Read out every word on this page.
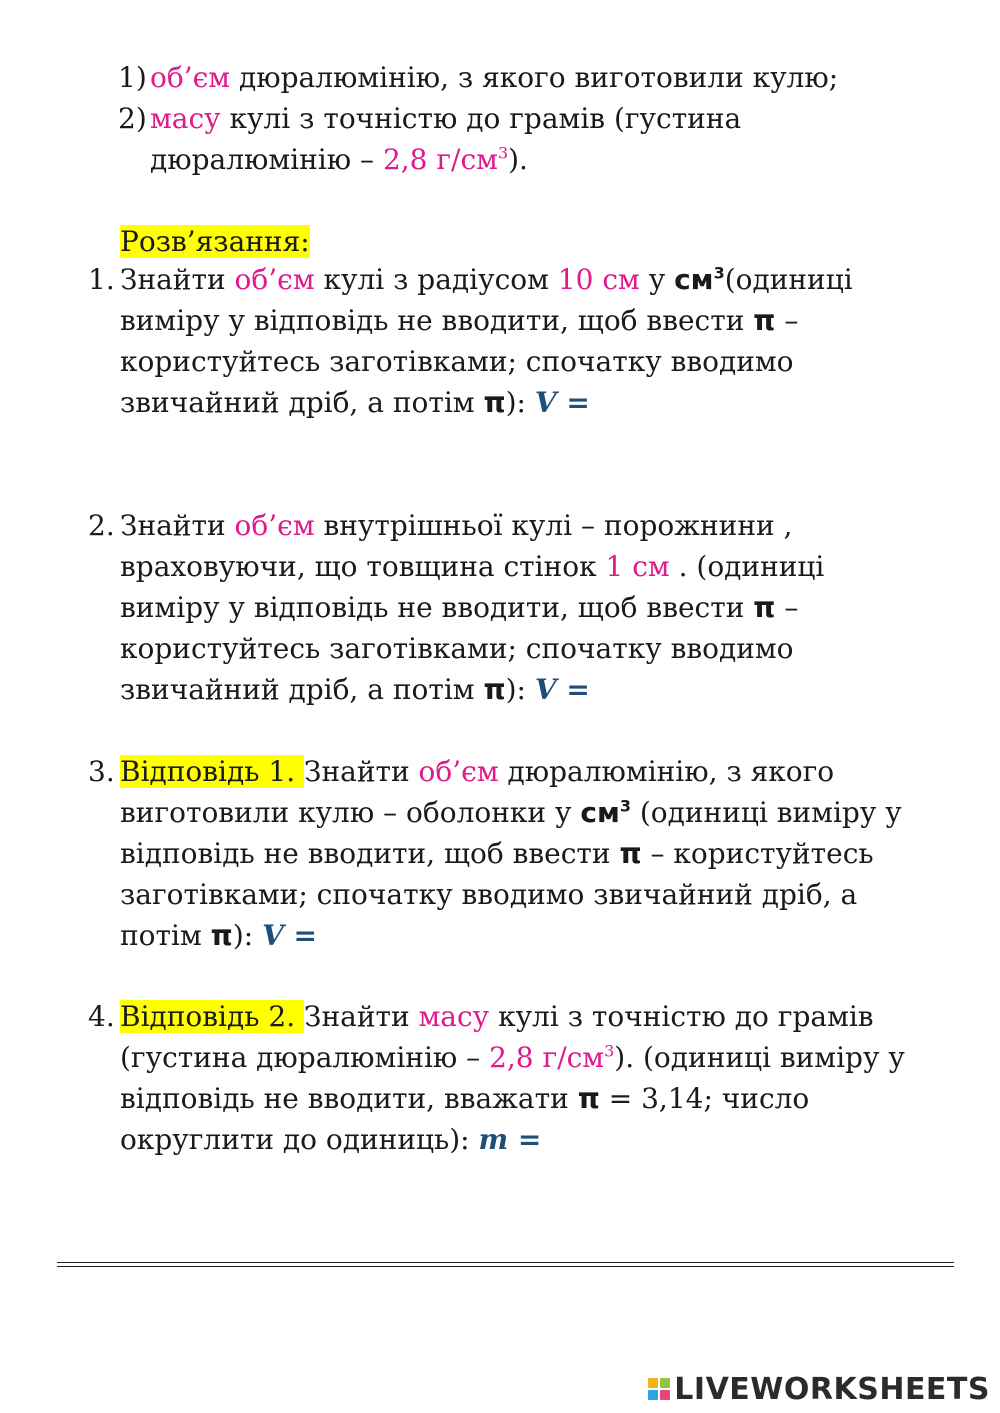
1) об’єм дюралюмінію, з якого виготовили кулю;
2) масу кулі з точністю до грамів (густина
дюралюмінію – 2,8 $г/см^3$).
Розв’язання:
1. Знайти об’єм кулі з радіусом 10 см у $см^3(одиниці$
виміру у відповідь не вводити, щоб ввести π –
користуйтесь заготівками; спочатку вводимо
звичайний дріб, а потім π): V =
2. Знайти об’єм внутрішньої кулі – порожнини ,
враховуючи, що товщина стінок 1 см . (одиниці
виміру у відповідь не вводити, щоб ввести π –
користуйтесь заготівками; спочатку вводимо
звичайний дріб, а потім π): V =
3. Відповідь 1. Знайти об’єм дюралюмінію, з якого
виготовили кулю – оболонки у $см^3$ (одиниці виміру у
відповідь не вводити, щоб ввести π – користуйтесь
заготівками; спочатку вводимо звичайний дріб, а
потім π): V =
4. Відповідь 2. Знайти масу кулі з точністю до грамів
(густина дюралюмінію – 2,8 $г/см^3$). (одиниці виміру у
відповідь не вводити, вважати π = 3,14; число
округлити до одиниць): m =
LIVEWORKSHEETS
